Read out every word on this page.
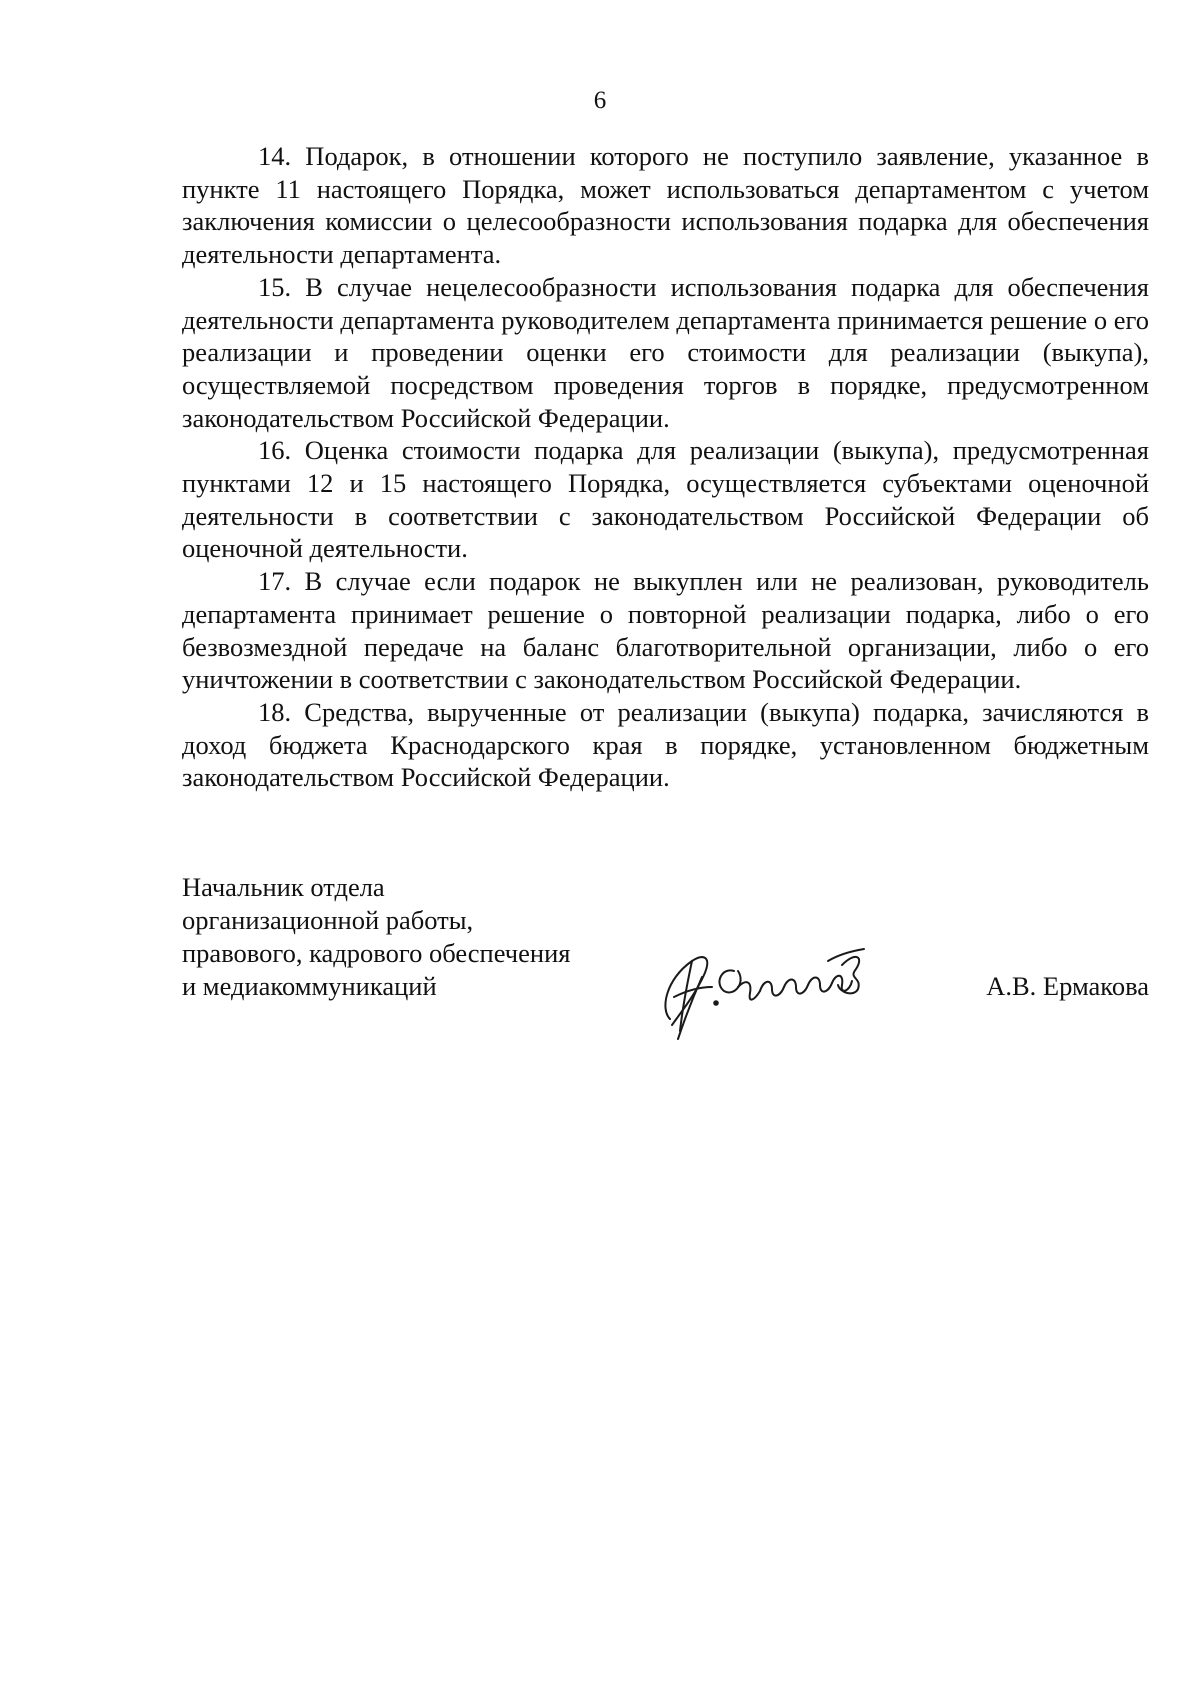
6

14. Подарок, в отношении которого не поступило заявление, указанное в пункте 11 настоящего Порядка, может использоваться департаментом с учетом заключения комиссии о целесообразности использования подарка для обеспечения деятельности департамента.

15. В случае нецелесообразности использования подарка для обеспечения деятельности департамента руководителем департамента принимается решение о его реализации и проведении оценки его стоимости для реализации (выкупа), осуществляемой посредством проведения торгов в порядке, предусмотренном законодательством Российской Федерации.

16. Оценка стоимости подарка для реализации (выкупа), предусмотренная пунктами 12 и 15 настоящего Порядка, осуществляется субъектами оценочной деятельности в соответствии с законодательством Российской Федерации об оценочной деятельности.

17. В случае если подарок не выкуплен или не реализован, руководитель департамента принимает решение о повторной реализации подарка, либо о его безвозмездной передаче на баланс благотворительной организации, либо о его уничтожении в соответствии с законодательством Российской Федерации.

18. Средства, вырученные от реализации (выкупа) подарка, зачисляются в доход бюджета Краснодарского края в порядке, установленном бюджетным законодательством Российской Федерации.

Начальник отдела
организационной работы,
правового, кадрового обеспечения
и медиакоммуникаций	А.В. Ермакова
